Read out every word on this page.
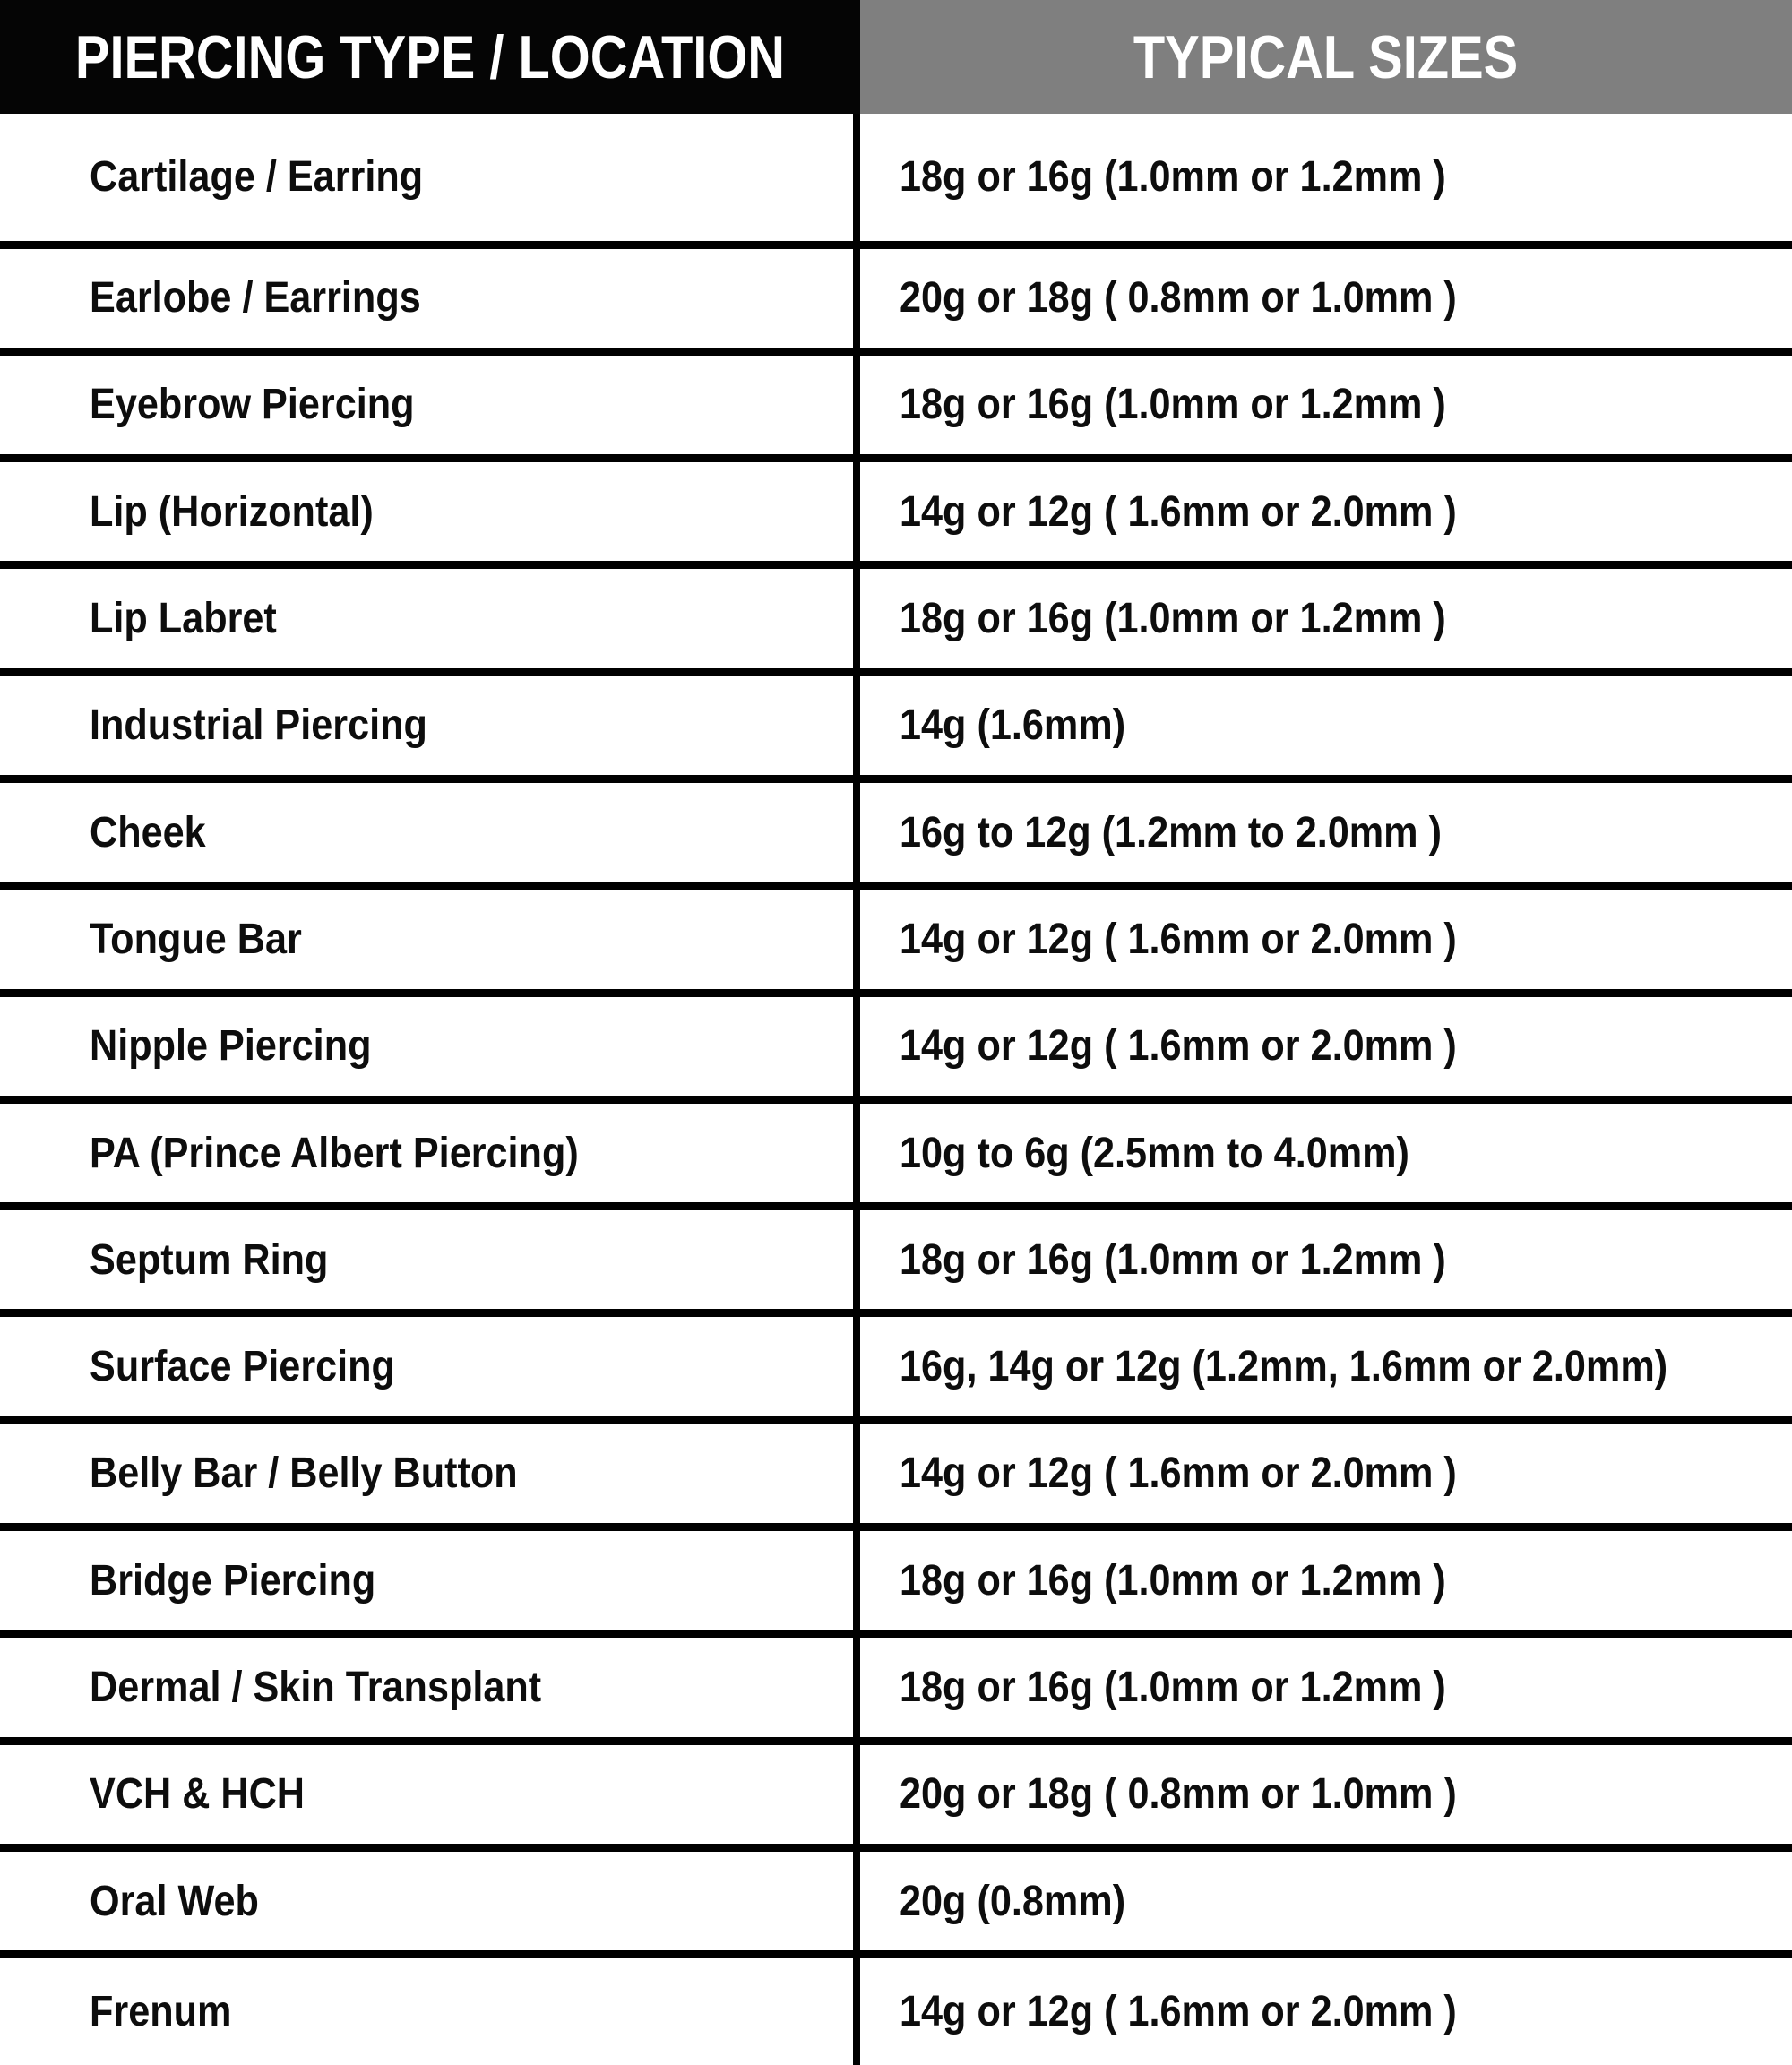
PIERCING TYPE / LOCATION	TYPICAL SIZES
Cartilage / Earring	18g or 16g (1.0mm or 1.2mm )
Earlobe / Earrings	20g or 18g ( 0.8mm or 1.0mm )
Eyebrow Piercing	18g or 16g (1.0mm or 1.2mm )
Lip (Horizontal)	14g or 12g ( 1.6mm or 2.0mm )
Lip Labret	18g or 16g (1.0mm or 1.2mm )
Industrial Piercing	14g (1.6mm)
Cheek	16g to 12g (1.2mm to 2.0mm )
Tongue Bar	14g or 12g ( 1.6mm or 2.0mm )
Nipple Piercing	14g or 12g ( 1.6mm or 2.0mm )
PA (Prince Albert Piercing)	10g to 6g (2.5mm to 4.0mm)
Septum Ring	18g or 16g (1.0mm or 1.2mm )
Surface Piercing	16g, 14g or 12g (1.2mm, 1.6mm or 2.0mm)
Belly Bar / Belly Button	14g or 12g ( 1.6mm or 2.0mm )
Bridge Piercing	18g or 16g (1.0mm or 1.2mm )
Dermal / Skin Transplant	18g or 16g (1.0mm or 1.2mm )
VCH & HCH	20g or 18g ( 0.8mm or 1.0mm )
Oral Web	20g (0.8mm)
Frenum	14g or 12g ( 1.6mm or 2.0mm )
